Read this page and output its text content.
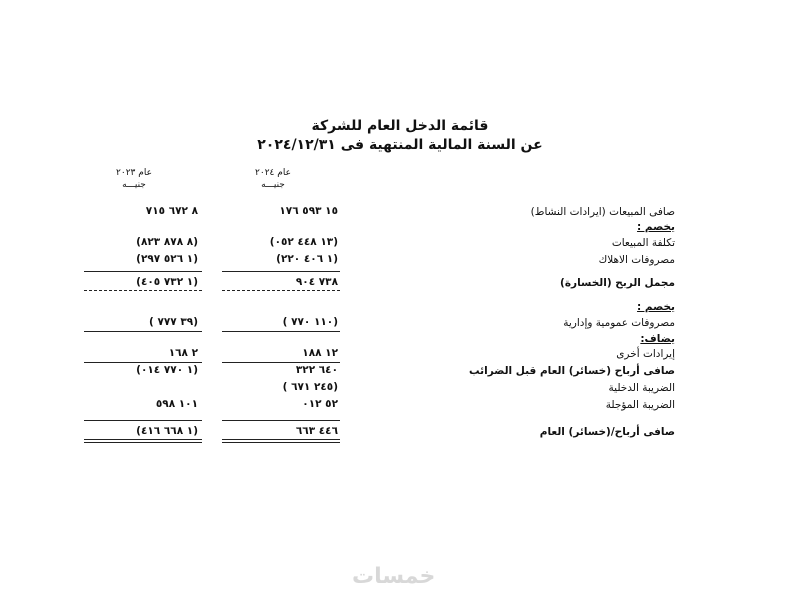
قائمة الدخل العام للشركة
عن السنة المالية المنتهية فى ٢٠٢٤/١٢/٣١
عام ٢٠٢٤
جنيـــه
عام ٢٠٢٣
جنيـــه
صافى المبيعات (ايرادات النشاط)
١٥ ٥٩٣ ١٧٦
٨ ٦٧٢ ٧١٥
يخصم :
تكلفة المبيعات
(١٣ ٤٤٨ ٠٥٢)
(٨ ٨٧٨ ٨٢٣)
مصروفات الاهلاك
(١ ٤٠٦ ٢٢٠)
(١ ٥٢٦ ٢٩٧)
مجمل الربح (الخسارة)
٧٣٨ ٩٠٤
(١ ٧٣٢ ٤٠٥)
يخصم :
مصروفات عمومية وإدارية
( ١١٠ ٧٧٠)
( ٣٩ ٧٧٧)
يضاف:
إيرادات أخرى
١٢ ١٨٨
٢ ١٦٨
صافى أرباح (خسائر) العام قبل الضرائب
٦٤٠ ٣٢٢
(١ ٧٧٠ ٠١٤)
الضريبة الدخلية
( ٢٤٥ ٦٧١)
الضريبة المؤجلة
٥٢ ٠١٢
١٠١ ٥٩٨
صافى أرباح/(خسائر) العام
٤٤٦ ٦٦٣
(١ ٦٦٨ ٤١٦)
خمسات
